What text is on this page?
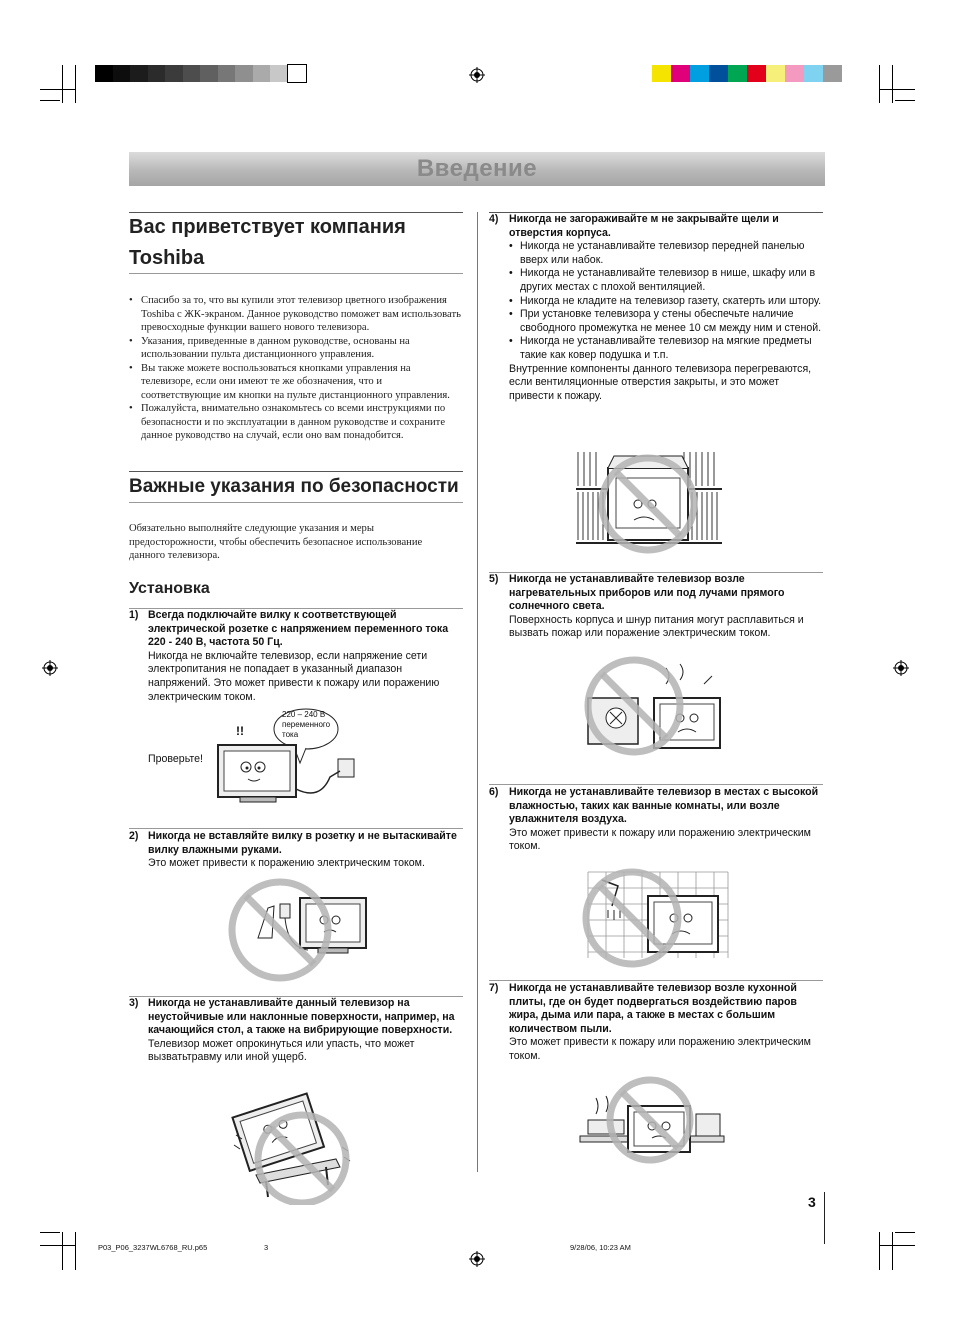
Введение
Вас приветствует компания Toshiba
• Спасибо за то, что вы купили этот телевизор цветного изображения Toshiba с ЖК-экраном. Данное руководство поможет вам использовать превосходные функции вашего нового телевизора.
• Указания, приведенные в данном руководстве, основаны на использовании пульта дистанционного управления.
• Вы также можете воспользоваться кнопками управления на телевизоре, если они имеют те же обозначения, что и соответствующие им кнопки на пульте дистанционного управления.
• Пожалуйста, внимательно ознакомьтесь со всеми инструкциями по безопасности и по эксплуатации в данном руководстве и сохраните данное руководство на случай, если оно вам понадобится.
Важные указания по безопасности
Обязательно выполняйте следующие указания и меры предосторожности, чтобы обеспечить безопасное использование данного телевизора.
Установка
1) Всегда подключайте вилку к соответствующей электрической розетке с напряжением переменного тока 220 - 240 В, частота 50 Гц.
Никогда не включайте телевизор, если напряжение сети электропитания не попадает в указанный диапазон напряжений. Это может привести к пожару или поражению электрическим током.
220 – 240 В переменного тока
!!
Проверьте!
2) Никогда не вставляйте вилку в розетку и не вытаскивайте вилку влажными руками.
Это может привести к поражению электрическим током.
3) Никогда не устанавливайте данный телевизор на неустойчивые или наклонные поверхности, например, на качающийся стол, а также на вибрирующие поверхности.
Телевизор может опрокинуться или упасть, что может вызватьтравму или иной ущерб.
4) Никогда не загораживайте м не закрывайте щели и отверстия корпуса.
• Никогда не устанавливайте телевизор передней панелью вверх или набок.
• Никогда не устанавливайте телевизор в нише, шкафу или в других местах с плохой вентиляцией.
• Никогда не кладите на телевизор газету, скатерть или штору.
• При установке телевизора у стены обеспечьте наличие свободного промежутка не менее 10 см между ним и стеной.
• Никогда не устанавливайте телевизор на мягкие предметы такие как ковер подушка и т.п.
Внутренние компоненты данного телевизора перегреваются, если вентиляционные отверстия закрыты, и это может привести к пожару.
5) Никогда не устанавливайте телевизор возле нагревательных приборов или под лучами прямого солнечного света.
Поверхность корпуса и шнур питания могут расплавиться и вызвать пожар или поражение электрическим током.
6) Никогда не устанавливайте телевизор в местах с высокой влажностью, таких как ванные комнаты, или возле увлажнителя воздуха.
Это может привести к пожару или поражению электрическим током.
7) Никогда не устанавливайте телевизор возле кухонной плиты, где он будет подвергаться воздействию паров жира, дыма или пара, а также в местах с большим количеством пыли.
Это может привести к пожару или поражению электрическим током.
3
P03_P06_3237WL6768_RU.p65	3	9/28/06, 10:23 AM
